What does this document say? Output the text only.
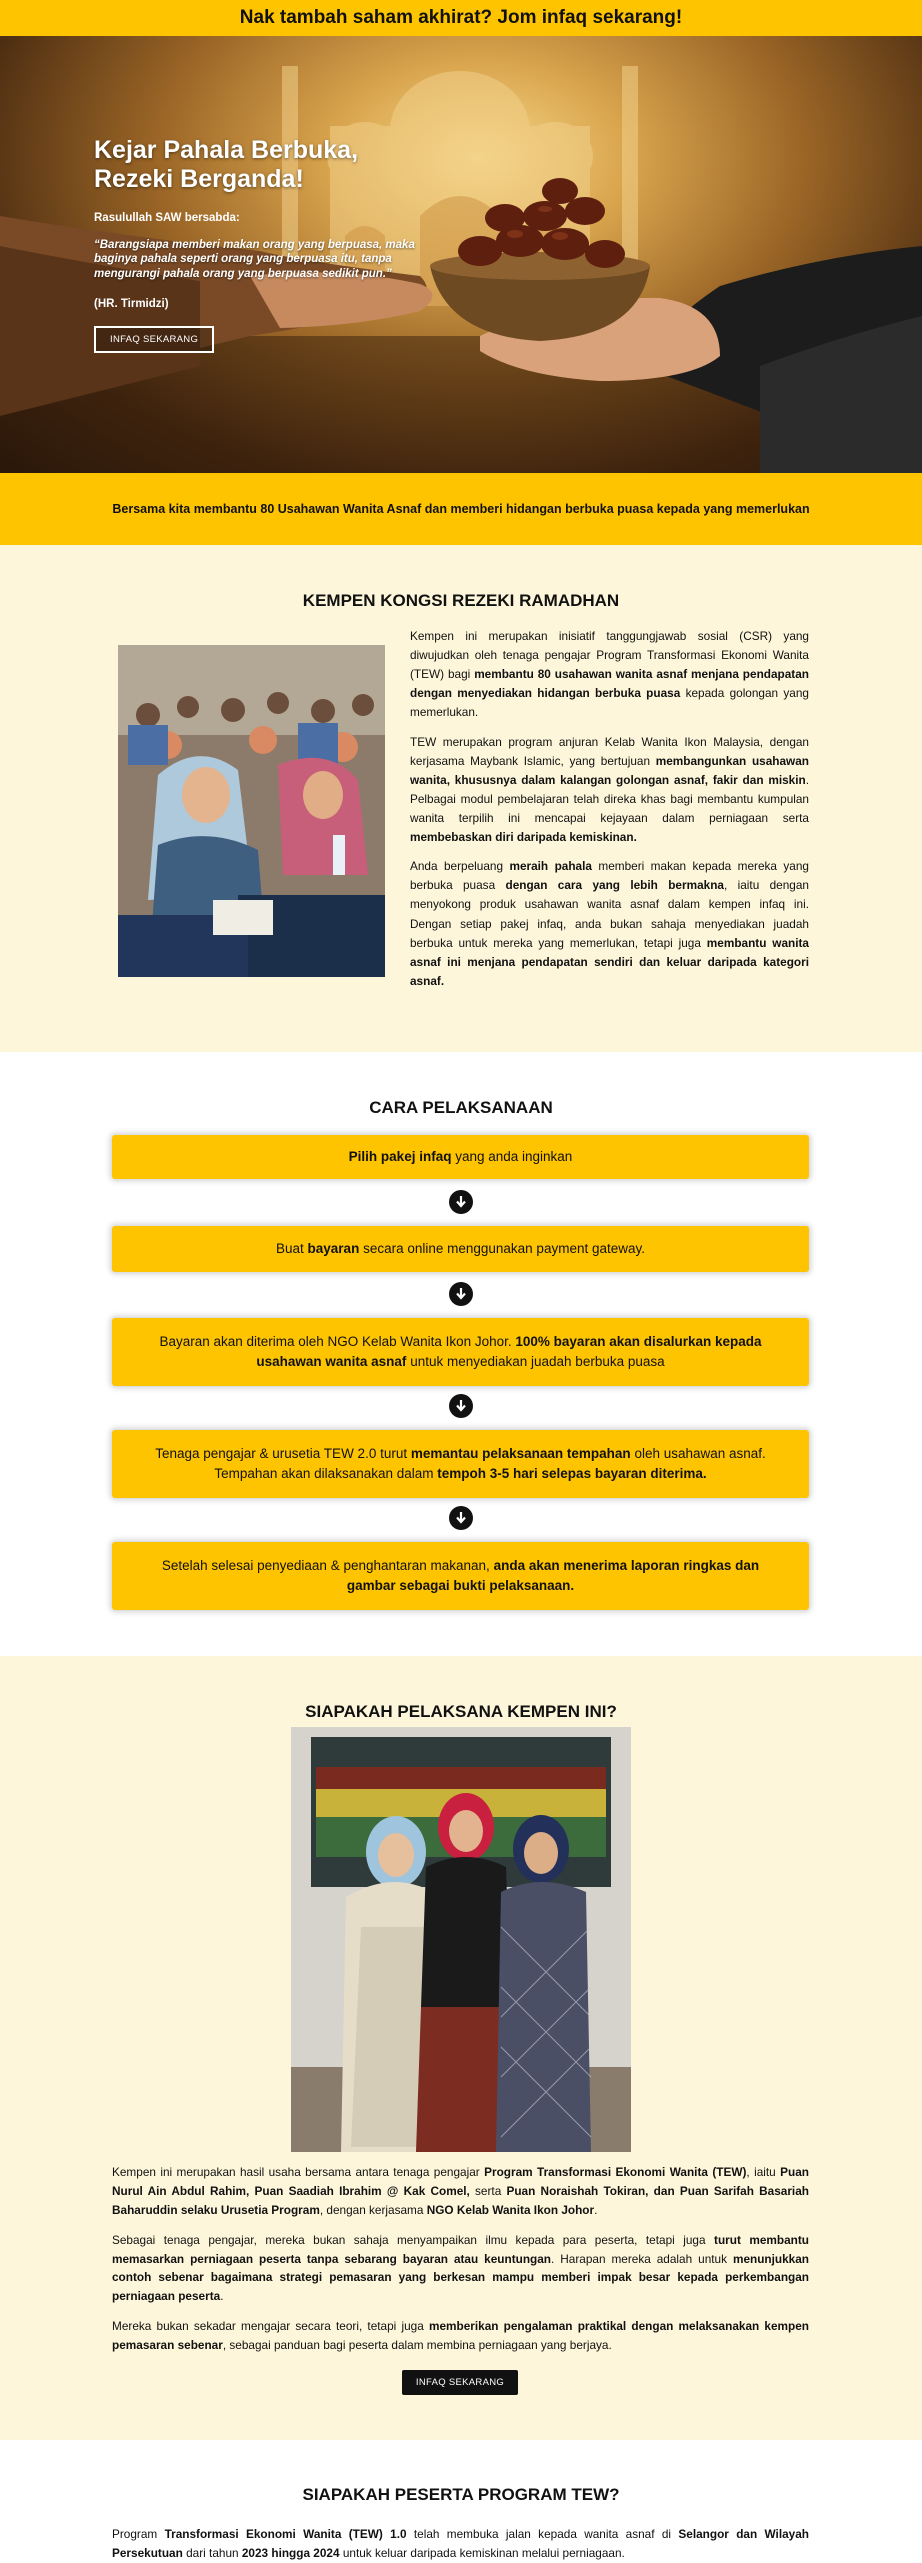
Nak tambah saham akhirat? Jom infaq sekarang!
Kejar Pahala Berbuka,
Rezeki Berganda!
Rasulullah SAW bersabda:
“Barangsiapa memberi makan orang yang berpuasa, maka baginya pahala seperti orang yang berpuasa itu, tanpa mengurangi pahala orang yang berpuasa sedikit pun.”
(HR. Tirmidzi)
INFAQ SEKARANG

Bersama kita membantu 80 Usahawan Wanita Asnaf dan memberi hidangan berbuka puasa kepada yang memerlukan

KEMPEN KONGSI REZEKI RAMADHAN

Kempen ini merupakan inisiatif tanggungjawab sosial (CSR) yang diwujudkan oleh tenaga pengajar Program Transformasi Ekonomi Wanita (TEW) bagi membantu 80 usahawan wanita asnaf menjana pendapatan dengan menyediakan hidangan berbuka puasa kepada golongan yang memerlukan.

TEW merupakan program anjuran Kelab Wanita Ikon Malaysia, dengan kerjasama Maybank Islamic, yang bertujuan membangunkan usahawan wanita, khususnya dalam kalangan golongan asnaf, fakir dan miskin. Pelbagai modul pembelajaran telah direka khas bagi membantu kumpulan wanita terpilih ini mencapai kejayaan dalam perniagaan serta membebaskan diri daripada kemiskinan.

Anda berpeluang meraih pahala memberi makan kepada mereka yang berbuka puasa dengan cara yang lebih bermakna, iaitu dengan menyokong produk usahawan wanita asnaf dalam kempen infaq ini. Dengan setiap pakej infaq, anda bukan sahaja menyediakan juadah berbuka untuk mereka yang memerlukan, tetapi juga membantu wanita asnaf ini menjana pendapatan sendiri dan keluar daripada kategori asnaf.

CARA PELAKSANAAN
Pilih pakej infaq yang anda inginkan
Buat bayaran secara online menggunakan payment gateway.
Bayaran akan diterima oleh NGO Kelab Wanita Ikon Johor. 100% bayaran akan disalurkan kepada usahawan wanita asnaf untuk menyediakan juadah berbuka puasa
Tenaga pengajar & urusetia TEW 2.0 turut memantau pelaksanaan tempahan oleh usahawan asnaf. Tempahan akan dilaksanakan dalam tempoh 3-5 hari selepas bayaran diterima.
Setelah selesai penyediaan & penghantaran makanan, anda akan menerima laporan ringkas dan gambar sebagai bukti pelaksanaan.
SIAPAKAH PELAKSANA KEMPEN INI?

Kempen ini merupakan hasil usaha bersama antara tenaga pengajar Program Transformasi Ekonomi Wanita (TEW), iaitu Puan Nurul Ain Abdul Rahim, Puan Saadiah Ibrahim @ Kak Comel, serta Puan Noraishah Tokiran, dan Puan Sarifah Basariah Baharuddin selaku Urusetia Program, dengan kerjasama NGO Kelab Wanita Ikon Johor.

Sebagai tenaga pengajar, mereka bukan sahaja menyampaikan ilmu kepada para peserta, tetapi juga turut membantu memasarkan perniagaan peserta tanpa sebarang bayaran atau keuntungan. Harapan mereka adalah untuk menunjukkan contoh sebenar bagaimana strategi pemasaran yang berkesan mampu memberi impak besar kepada perkembangan perniagaan peserta.

Mereka bukan sekadar mengajar secara teori, tetapi juga memberikan pengalaman praktikal dengan melaksanakan kempen pemasaran sebenar, sebagai panduan bagi peserta dalam membina perniagaan yang berjaya.

INFAQ SEKARANG
SIAPAKAH PESERTA PROGRAM TEW?

Program Transformasi Ekonomi Wanita (TEW) 1.0 telah membuka jalan kepada wanita asnaf di Selangor dan Wilayah Persekutuan dari tahun 2023 hingga 2024 untuk keluar daripada kemiskinan melalui perniagaan.
